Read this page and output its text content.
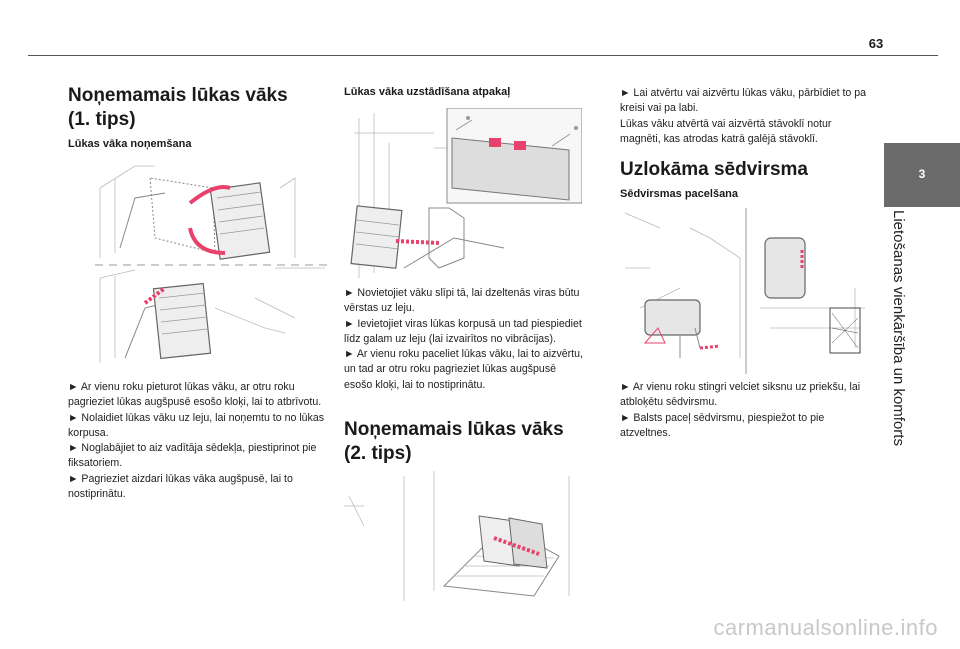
63
3
Lietošanas vienkāršība un komforts
Noņemamais lūkas vāks
(1. tips)
Lūkas vāka noņemšana

► Ar vienu roku pieturot lūkas vāku, ar otru roku pagrieziet lūkas augšpusē esošo kloķi, lai to atbrīvotu.

► Nolaidiet lūkas vāku uz leju, lai noņemtu to no lūkas korpusa.

► Noglabājiet to aiz vadītāja sēdekļa, piestiprinot pie fiksatoriem.

► Pagrieziet aizdari lūkas vāka augšpusē, lai to nostiprinātu.

Lūkas vāka uzstādīšana atpakaļ

► Novietojiet vāku slīpi tā, lai dzeltenās viras būtu vērstas uz leju.

► Ievietojiet viras lūkas korpusā un tad piespiediet līdz galam uz leju (lai izvairītos no vibrācijas).

► Ar vienu roku paceliet lūkas vāku, lai to aizvērtu, un tad ar otru roku pagrieziet lūkas augšpusē esošo kloķi, lai to nostiprinātu.

Noņemamais lūkas vāks
(2. tips)

► Lai atvērtu vai aizvērtu lūkas vāku, pārbīdiet to pa kreisi vai pa labi.

Lūkas vāku atvērtā vai aizvērtā stāvoklī notur magnēti, kas atrodas katrā galējā stāvoklī.

Uzlokāma sēdvirsma
Sēdvirsmas pacelšana

► Ar vienu roku stingri velciet siksnu uz priekšu, lai atbloķētu sēdvirsmu.

► Balsts paceļ sēdvirsmu, piespiežot to pie atzveltnes.

carmanualsonline.info
